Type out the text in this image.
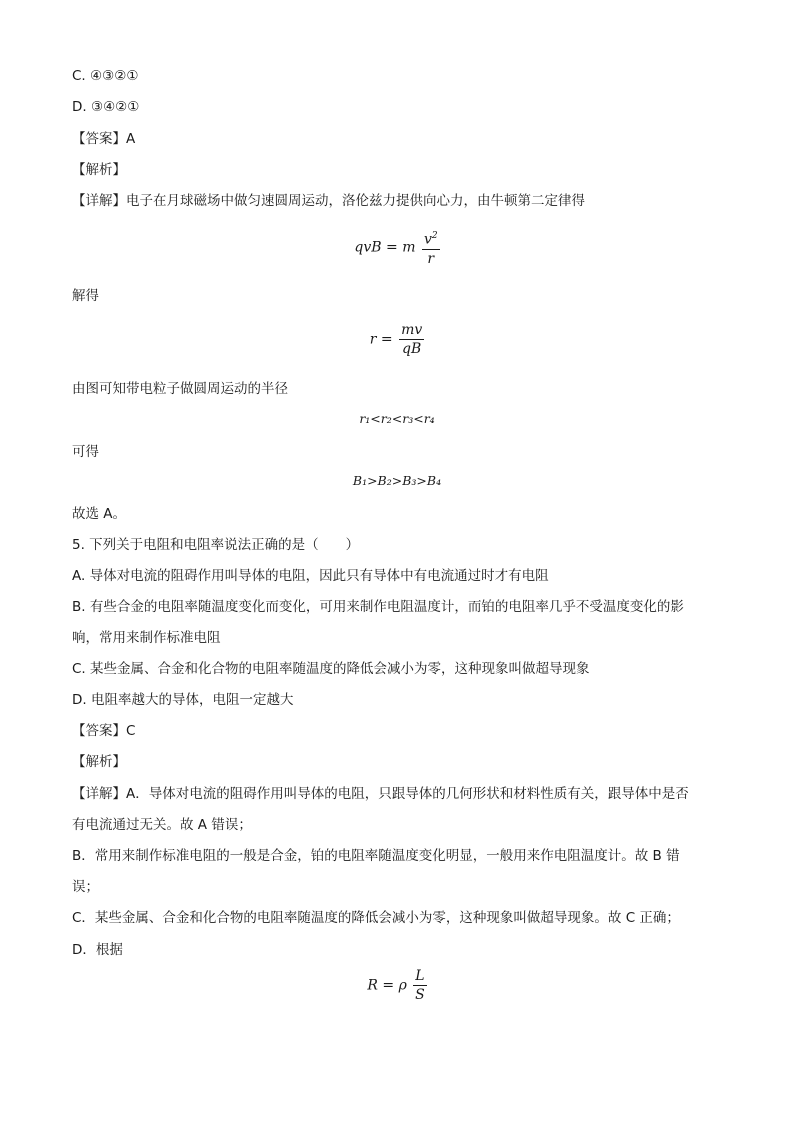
C. ④③②①
D. ③④②①
【答案】A
【解析】
【详解】电子在月球磁场中做匀速圆周运动，洛伦兹力提供向心力，由牛顿第二定律得
qvB = m $\frac{v^2}{r}$
解得
$r = \frac{mv}{qB}$
由图可知带电粒子做圆周运动的半径
r₁<r₂<r₃<r₄
可得
B₁>B₂>B₃>B₄
故选 A。
5. 下列关于电阻和电阻率说法正确的是（　　）
A. 导体对电流的阻碍作用叫导体的电阻，因此只有导体中有电流通过时才有电阻
B. 有些合金的电阻率随温度变化而变化，可用来制作电阻温度计，而铂的电阻率几乎不受温度变化的影
响，常用来制作标准电阻
C. 某些金属、合金和化合物的电阻率随温度的降低会减小为零，这种现象叫做超导现象
D. 电阻率越大的导体，电阻一定越大
【答案】C
【解析】
【详解】A．导体对电流的阻碍作用叫导体的电阻，只跟导体的几何形状和材料性质有关，跟导体中是否
有电流通过无关。故 A 错误；
B．常用来制作标准电阻的一般是合金，铂的电阻率随温度变化明显，一般用来作电阻温度计。故 B 错
误；
C．某些金属、合金和化合物的电阻率随温度的降低会减小为零，这种现象叫做超导现象。故 C 正确；
D．根据
R = ρ $\frac{L}{S}$
